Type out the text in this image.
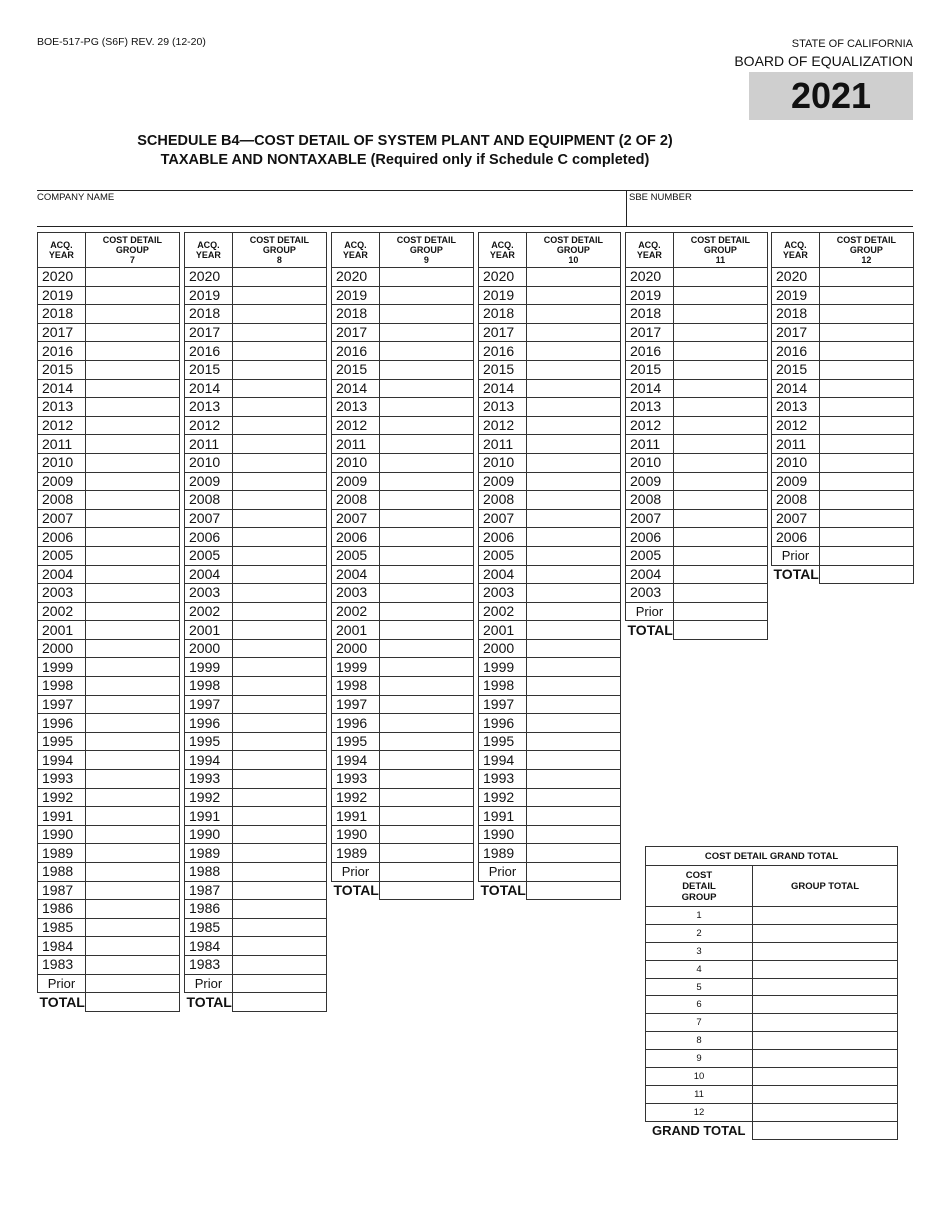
BOE-517-PG (S6F) REV. 29 (12-20)	STATE OF CALIFORNIA
BOARD OF EQUALIZATION
2021
SCHEDULE B4—COST DETAIL OF SYSTEM PLANT AND EQUIPMENT (2 OF 2)
TAXABLE AND NONTAXABLE (Required only if Schedule C completed)
COMPANY NAME	SBE NUMBER
ACQ.
YEAR	COST DETAIL
GROUP
7
2020	
2019	
2018	
2017	
2016	
2015	
2014	
2013	
2012	
2011	
2010	
2009	
2008	
2007	
2006	
2005	
2004	
2003	
2002	
2001	
2000	
1999	
1998	
1997	
1996	
1995	
1994	
1993	
1992	
1991	
1990	
1989	
1988	
1987	
1986	
1985	
1984	
1983	
Prior	
TOTAL	
ACQ.
YEAR	COST DETAIL
GROUP
8
2020	
2019	
2018	
2017	
2016	
2015	
2014	
2013	
2012	
2011	
2010	
2009	
2008	
2007	
2006	
2005	
2004	
2003	
2002	
2001	
2000	
1999	
1998	
1997	
1996	
1995	
1994	
1993	
1992	
1991	
1990	
1989	
1988	
1987	
1986	
1985	
1984	
1983	
Prior	
TOTAL	
ACQ.
YEAR	COST DETAIL
GROUP
9
2020	
2019	
2018	
2017	
2016	
2015	
2014	
2013	
2012	
2011	
2010	
2009	
2008	
2007	
2006	
2005	
2004	
2003	
2002	
2001	
2000	
1999	
1998	
1997	
1996	
1995	
1994	
1993	
1992	
1991	
1990	
1989	
Prior	
TOTAL	
ACQ.
YEAR	COST DETAIL
GROUP
10
2020	
2019	
2018	
2017	
2016	
2015	
2014	
2013	
2012	
2011	
2010	
2009	
2008	
2007	
2006	
2005	
2004	
2003	
2002	
2001	
2000	
1999	
1998	
1997	
1996	
1995	
1994	
1993	
1992	
1991	
1990	
1989	
Prior	
TOTAL	
ACQ.
YEAR	COST DETAIL
GROUP
11
2020	
2019	
2018	
2017	
2016	
2015	
2014	
2013	
2012	
2011	
2010	
2009	
2008	
2007	
2006	
2005	
2004	
2003	
Prior	
TOTAL	
ACQ.
YEAR	COST DETAIL
GROUP
12
2020	
2019	
2018	
2017	
2016	
2015	
2014	
2013	
2012	
2011	
2010	
2009	
2008	
2007	
2006	
Prior	
TOTAL	
COST DETAIL GRAND TOTAL	
COST DETAIL GROUP	GROUP TOTAL
1	
2	
3	
4	
5	
6	
7	
8	
9	
10	
11	
12	
GRAND TOTAL	
